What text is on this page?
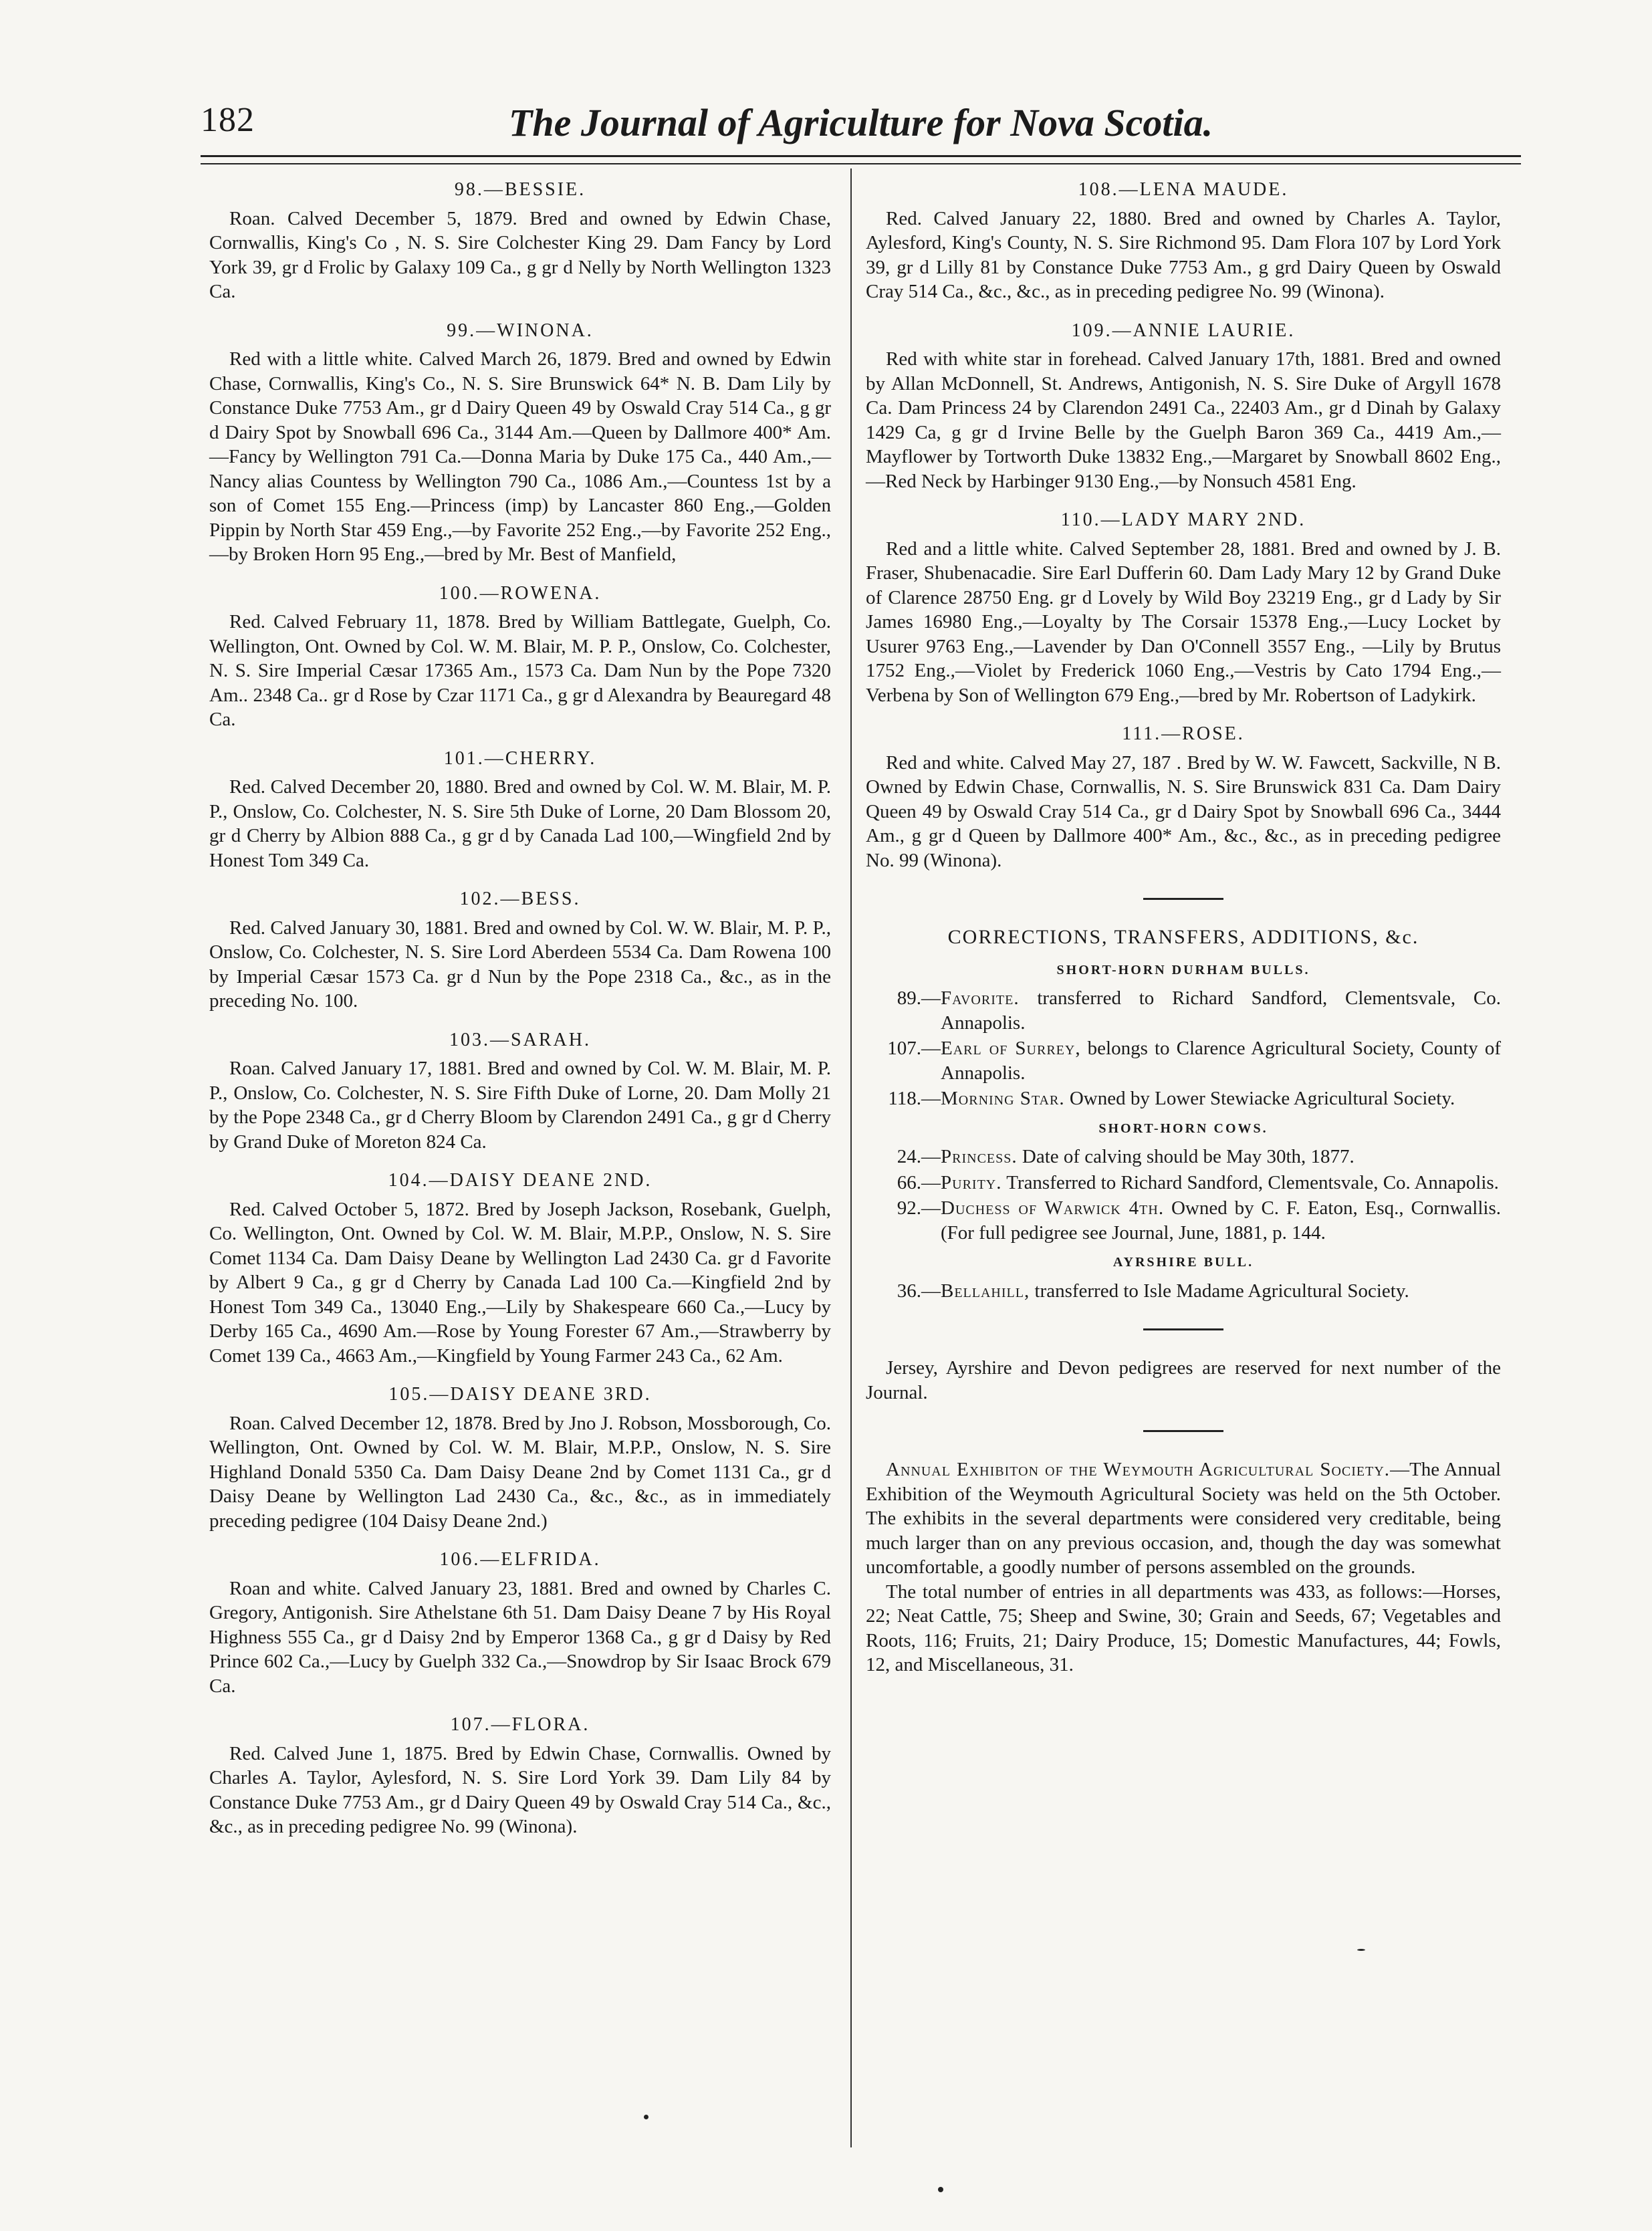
182	The Journal of Agriculture for Nova Scotia.
98.—BESSIE.

Roan. Calved December 5, 1879. Bred and owned by Edwin Chase, Cornwallis, King's Co , N. S. Sire Colchester King 29. Dam Fancy by Lord York 39, gr d Frolic by Galaxy 109 Ca., g gr d Nelly by North Wellington 1323 Ca.

99.—WINONA.

Red with a little white. Calved March 26, 1879. Bred and owned by Edwin Chase, Cornwallis, King's Co., N. S. Sire Brunswick 64* N. B. Dam Lily by Constance Duke 7753 Am., gr d Dairy Queen 49 by Oswald Cray 514 Ca., g gr d Dairy Spot by Snowball 696 Ca., 3144 Am.—Queen by Dallmore 400* Am.—Fancy by Wellington 791 Ca.—Donna Maria by Duke 175 Ca., 440 Am.,—Nancy alias Countess by Wellington 790 Ca., 1086 Am.,—Countess 1st by a son of Comet 155 Eng.—Princess (imp) by Lancaster 860 Eng.,—Golden Pippin by North Star 459 Eng.,—by Favorite 252 Eng.,—by Favorite 252 Eng.,—by Broken Horn 95 Eng.,—bred by Mr. Best of Manfield,

100.—ROWENA.

Red. Calved February 11, 1878. Bred by William Battlegate, Guelph, Co. Wellington, Ont. Owned by Col. W. M. Blair, M. P. P., Onslow, Co. Colchester, N. S. Sire Imperial Cæsar 17365 Am., 1573 Ca. Dam Nun by the Pope 7320 Am.. 2348 Ca.. gr d Rose by Czar 1171 Ca., g gr d Alexandra by Beauregard 48 Ca.

101.—CHERRY.

Red. Calved December 20, 1880. Bred and owned by Col. W. M. Blair, M. P. P., Onslow, Co. Colchester, N. S. Sire 5th Duke of Lorne, 20 Dam Blossom 20, gr d Cherry by Albion 888 Ca., g gr d by Canada Lad 100,—Wingfield 2nd by Honest Tom 349 Ca.

102.—BESS.

Red. Calved January 30, 1881. Bred and owned by Col. W. W. Blair, M. P. P., Onslow, Co. Colchester, N. S. Sire Lord Aberdeen 5534 Ca. Dam Rowena 100 by Imperial Cæsar 1573 Ca. gr d Nun by the Pope 2318 Ca., &c., as in the preceding No. 100.

103.—SARAH.

Roan. Calved January 17, 1881. Bred and owned by Col. W. M. Blair, M. P. P., Onslow, Co. Colchester, N. S. Sire Fifth Duke of Lorne, 20. Dam Molly 21 by the Pope 2348 Ca., gr d Cherry Bloom by Clarendon 2491 Ca., g gr d Cherry by Grand Duke of Moreton 824 Ca.

104.—DAISY DEANE 2ND.

Red. Calved October 5, 1872. Bred by Joseph Jackson, Rosebank, Guelph, Co. Wellington, Ont. Owned by Col. W. M. Blair, M.P.P., Onslow, N. S. Sire Comet 1134 Ca. Dam Daisy Deane by Wellington Lad 2430 Ca. gr d Favorite by Albert 9 Ca., g gr d Cherry by Canada Lad 100 Ca.—Kingfield 2nd by Honest Tom 349 Ca., 13040 Eng.,—Lily by Shakespeare 660 Ca.,—Lucy by Derby 165 Ca., 4690 Am.—Rose by Young Forester 67 Am.,—Strawberry by Comet 139 Ca., 4663 Am.,—Kingfield by Young Farmer 243 Ca., 62 Am.

105.—DAISY DEANE 3RD.

Roan. Calved December 12, 1878. Bred by Jno J. Robson, Mossborough, Co. Wellington, Ont. Owned by Col. W. M. Blair, M.P.P., Onslow, N. S. Sire Highland Donald 5350 Ca. Dam Daisy Deane 2nd by Comet 1131 Ca., gr d Daisy Deane by Wellington Lad 2430 Ca., &c., &c., as in immediately preceding pedigree (104 Daisy Deane 2nd.)

106.—ELFRIDA.

Roan and white. Calved January 23, 1881. Bred and owned by Charles C. Gregory, Antigonish. Sire Athelstane 6th 51. Dam Daisy Deane 7 by His Royal Highness 555 Ca., gr d Daisy 2nd by Emperor 1368 Ca., g gr d Daisy by Red Prince 602 Ca.,—Lucy by Guelph 332 Ca.,—Snowdrop by Sir Isaac Brock 679 Ca.

107.—FLORA.

Red. Calved June 1, 1875. Bred by Edwin Chase, Cornwallis. Owned by Charles A. Taylor, Aylesford, N. S. Sire Lord York 39. Dam Lily 84 by Constance Duke 7753 Am., gr d Dairy Queen 49 by Oswald Cray 514 Ca., &c., &c., as in preceding pedigree No. 99 (Winona).

108.—LENA MAUDE.

Red. Calved January 22, 1880. Bred and owned by Charles A. Taylor, Aylesford, King's County, N. S. Sire Richmond 95. Dam Flora 107 by Lord York 39, gr d Lilly 81 by Constance Duke 7753 Am., g grd Dairy Queen by Oswald Cray 514 Ca., &c., &c., as in preceding pedigree No. 99 (Winona).

109.—ANNIE LAURIE.

Red with white star in forehead. Calved January 17th, 1881. Bred and owned by Allan McDonnell, St. Andrews, Antigonish, N. S. Sire Duke of Argyll 1678 Ca. Dam Princess 24 by Clarendon 2491 Ca., 22403 Am., gr d Dinah by Galaxy 1429 Ca, g gr d Irvine Belle by the Guelph Baron 369 Ca., 4419 Am.,—Mayflower by Tortworth Duke 13832 Eng.,—Margaret by Snowball 8602 Eng., —Red Neck by Harbinger 9130 Eng.,—by Nonsuch 4581 Eng.

110.—LADY MARY 2ND.

Red and a little white. Calved September 28, 1881. Bred and owned by J. B. Fraser, Shubenacadie. Sire Earl Dufferin 60. Dam Lady Mary 12 by Grand Duke of Clarence 28750 Eng. gr d Lovely by Wild Boy 23219 Eng., gr d Lady by Sir James 16980 Eng.,—Loyalty by The Corsair 15378 Eng.,—Lucy Locket by Usurer 9763 Eng.,—Lavender by Dan O'Connell 3557 Eng., —Lily by Brutus 1752 Eng.,—Violet by Frederick 1060 Eng.,—Vestris by Cato 1794 Eng.,—Verbena by Son of Wellington 679 Eng.,—bred by Mr. Robertson of Ladykirk.

111.—ROSE.

Red and white. Calved May 27, 187 . Bred by W. W. Fawcett, Sackville, N B. Owned by Edwin Chase, Cornwallis, N. S. Sire Brunswick 831 Ca. Dam Dairy Queen 49 by Oswald Cray 514 Ca., gr d Dairy Spot by Snowball 696 Ca., 3444 Am., g gr d Queen by Dallmore 400* Am., &c., &c., as in preceding pedigree No. 99 (Winona).

CORRECTIONS, TRANSFERS, ADDITIONS, &c.
SHORT-HORN DURHAM BULLS.
89.— Favorite. transferred to Richard Sandford, Clementsvale, Co. Annapolis.
107.— Earl of Surrey, belongs to Clarence Agricultural Society, County of Annapolis.
118.— Morning Star. Owned by Lower Stewiacke Agricultural Society.
SHORT-HORN COWS.
24.— Princess. Date of calving should be May 30th, 1877.
66.— Purity. Transferred to Richard Sandford, Clementsvale, Co. Annapolis.
92.— Duchess of Warwick 4th. Owned by C. F. Eaton, Esq., Cornwallis. (For full pedigree see Journal, June, 1881, p. 144.
AYRSHIRE BULL.
36.— Bellahill, transferred to Isle Madame Agricultural Society.

Jersey, Ayrshire and Devon pedigrees are reserved for next number of the Journal.

Annual Exhibiton of the Weymouth Agricultural Society.—The Annual Exhibition of the Weymouth Agricultural Society was held on the 5th October. The exhibits in the several departments were considered very creditable, being much larger than on any previous occasion, and, though the day was somewhat uncomfortable, a goodly number of persons assembled on the grounds.

The total number of entries in all departments was 433, as follows:—Horses, 22; Neat Cattle, 75; Sheep and Swine, 30; Grain and Seeds, 67; Vegetables and Roots, 116; Fruits, 21; Dairy Produce, 15; Domestic Manufactures, 44; Fowls, 12, and Miscellaneous, 31.
